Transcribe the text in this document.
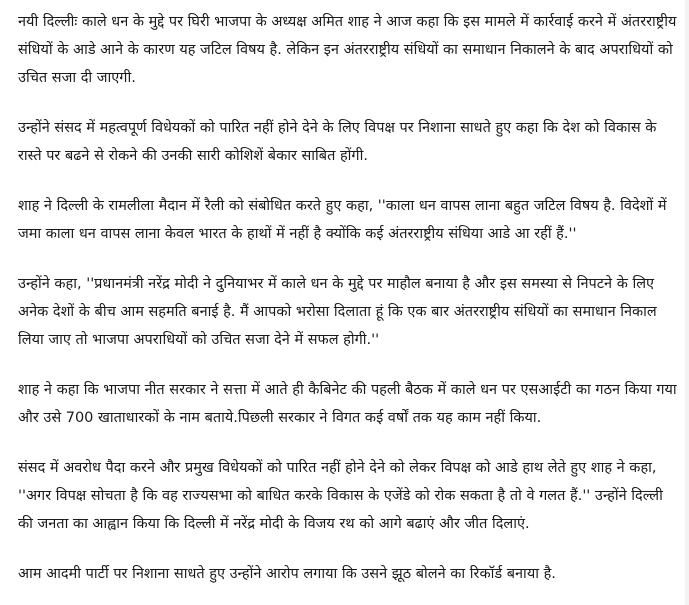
नयी दिल्लीः काले धन के मुद्दे पर घिरी भाजपा के अध्यक्ष अमित शाह ने आज कहा कि इस मामले में कार्रवाई करने में अंतरराष्ट्रीय संधियों के आडे आने के कारण यह जटिल विषय है. लेकिन इन अंतरराष्ट्रीय संधियों का समाधान निकालने के बाद अपराधियों को उचित सजा दी जाएगी.

उन्होंने संसद में महत्वपूर्ण विधेयकों को पारित नहीं होने देने के लिए विपक्ष पर निशाना साधते हुए कहा कि देश को विकास के रास्ते पर बढने से रोकने की उनकी सारी कोशिशें बेकार साबित होंगी.

शाह ने दिल्ली के रामलीला मैदान में रैली को संबोधित करते हुए कहा, ''काला धन वापस लाना बहुत जटिल विषय है. विदेशों में जमा काला धन वापस लाना केवल भारत के हाथों में नहीं है क्योंकि कई अंतरराष्ट्रीय संधिया आडे आ रहीं हैं.''

उन्होंने कहा, ''प्रधानमंत्री नरेंद्र मोदी ने दुनियाभर में काले धन के मुद्दे पर माहौल बनाया है और इस समस्या से निपटने के लिए अनेक देशों के बीच आम सहमति बनाई है. मैं आपको भरोसा दिलाता हूं कि एक बार अंतरराष्ट्रीय संधियों का समाधान निकाल लिया जाए तो भाजपा अपराधियों को उचित सजा देने में सफल होगी.''

शाह ने कहा कि भाजपा नीत सरकार ने सत्ता में आते ही कैबिनेट की पहली बैठक में काले धन पर एसआईटी का गठन किया गया और उसे 700 खाताधारकों के नाम बताये.पिछली सरकार ने विगत कई वर्षों तक यह काम नहीं किया.

संसद में अवरोध पैदा करने और प्रमुख विधेयकों को पारित नहीं होने देने को लेकर विपक्ष को आडे हाथ लेते हुए शाह ने कहा, ''अगर विपक्ष सोचता है कि वह राज्यसभा को बाधित करके विकास के एजेंडे को रोक सकता है तो वे गलत हैं.'' उन्होंने दिल्ली की जनता का आह्वान किया कि दिल्ली में नरेंद्र मोदी के विजय रथ को आगे बढाएं और जीत दिलाएं.

आम आदमी पार्टी पर निशाना साधते हुए उन्होंने आरोप लगाया कि उसने झूठ बोलने का रिकॉर्ड बनाया है.
